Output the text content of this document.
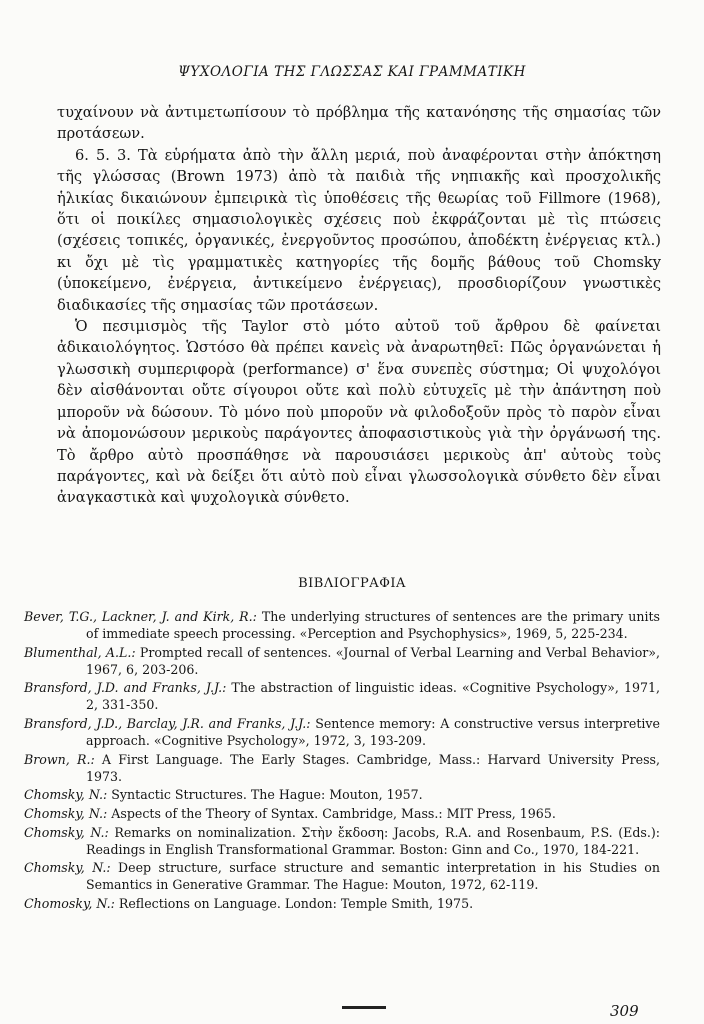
ΨΥΧΟΛΟΓΙΑ ΤΗΣ ΓΛΩΣΣΑΣ ΚΑΙ ΓΡΑΜΜΑΤΙΚΗ

τυχαίνουν νὰ ἀντιμετωπίσουν τὸ πρόβλημα τῆς κατανόησης τῆς σημασίας τῶν προτάσεων.

6. 5. 3. Τὰ εὑρήματα ἀπὸ τὴν ἄλλη μεριά, ποὺ ἀναφέρονται στὴν ἀπόκτηση τῆς γλώσσας (Brown 1973) ἀπὸ τὰ παιδιὰ τῆς νηπιακῆς καὶ προσχολικῆς ἡλικίας δικαιώνουν ἐμπειρικὰ τὶς ὑποθέσεις τῆς θεωρίας τοῦ Fillmore (1968), ὅτι οἱ ποικίλες σημασιολογικὲς σχέσεις ποὺ ἐκφράζονται μὲ τὶς πτώσεις (σχέσεις τοπικές, ὀργανικές, ἐνεργοῦντος προσώπου, ἀποδέκτη ἐνέργειας κτλ.) κι ὄχι μὲ τὶς γραμματικὲς κατηγορίες τῆς δομῆς βάθους τοῦ Chomsky (ὑποκείμενο, ἐνέργεια, ἀντικείμενο ἐνέργειας), προσδιορίζουν γνωστικὲς διαδικασίες τῆς σημασίας τῶν προτάσεων.

Ὁ πεσιμισμὸς τῆς Taylor στὸ μότο αὐτοῦ τοῦ ἄρθρου δὲ φαίνεται ἀδικαιολόγητος. Ὡστόσο θὰ πρέπει κανεὶς νὰ ἀναρωτηθεῖ: Πῶς ὀργανώνεται ἡ γλωσσικὴ συμπεριφορὰ (performance) σ' ἕνα συνεπὲς σύστημα; Οἱ ψυχολόγοι δὲν αἰσθάνονται οὔτε σίγουροι οὔτε καὶ πολὺ εὐτυχεῖς μὲ τὴν ἀπάντηση ποὺ μποροῦν νὰ δώσουν. Τὸ μόνο ποὺ μποροῦν νὰ φιλοδοξοῦν πρὸς τὸ παρὸν εἶναι νὰ ἀπομονώσουν μερικοὺς παράγοντες ἀποφασιστικοὺς γιὰ τὴν ὀργάνωσή της. Τὸ ἄρθρο αὐτὸ προσπάθησε νὰ παρουσιάσει μερικοὺς ἀπ' αὐτοὺς τοὺς παράγοντες, καὶ νὰ δείξει ὅτι αὐτὸ ποὺ εἶναι γλωσσολογικὰ σύνθετο δὲν εἶναι ἀναγκαστικὰ καὶ ψυχολογικὰ σύνθετο.

ΒΙΒΛΙΟΓΡΑΦΙΑ

Bever, T.G., Lackner, J. and Kirk, R.: The underlying structures of sentences are the primary units of immediate speech processing. «Perception and Psychophysics», 1969, 5, 225-234.

Blumenthal, A.L.: Prompted recall of sentences. «Journal of Verbal Learning and Verbal Behavior», 1967, 6, 203-206.

Bransford, J.D. and Franks, J.J.: The abstraction of linguistic ideas. «Cognitive Psychology», 1971, 2, 331-350.

Bransford, J.D., Barclay, J.R. and Franks, J.J.: Sentence memory: A constructive versus interpretive approach. «Cognitive Psychology», 1972, 3, 193-209.

Brown, R.: A First Language. The Early Stages. Cambridge, Mass.: Harvard University Press, 1973.

Chomsky, N.: Syntactic Structures. The Hague: Mouton, 1957.

Chomsky, N.: Aspects of the Theory of Syntax. Cambridge, Mass.: MIT Press, 1965.

Chomsky, N.: Remarks on nominalization. Στὴν ἔκδοση: Jacobs, R.A. and Rosenbaum, P.S. (Eds.): Readings in English Transformational Grammar. Boston: Ginn and Co., 1970, 184-221.

Chomsky, N.: Deep structure, surface structure and semantic interpretation in his Studies on Semantics in Generative Grammar. The Hague: Mouton, 1972, 62-119.

Chomosky, N.: Reflections on Language. London: Temple Smith, 1975.

309
